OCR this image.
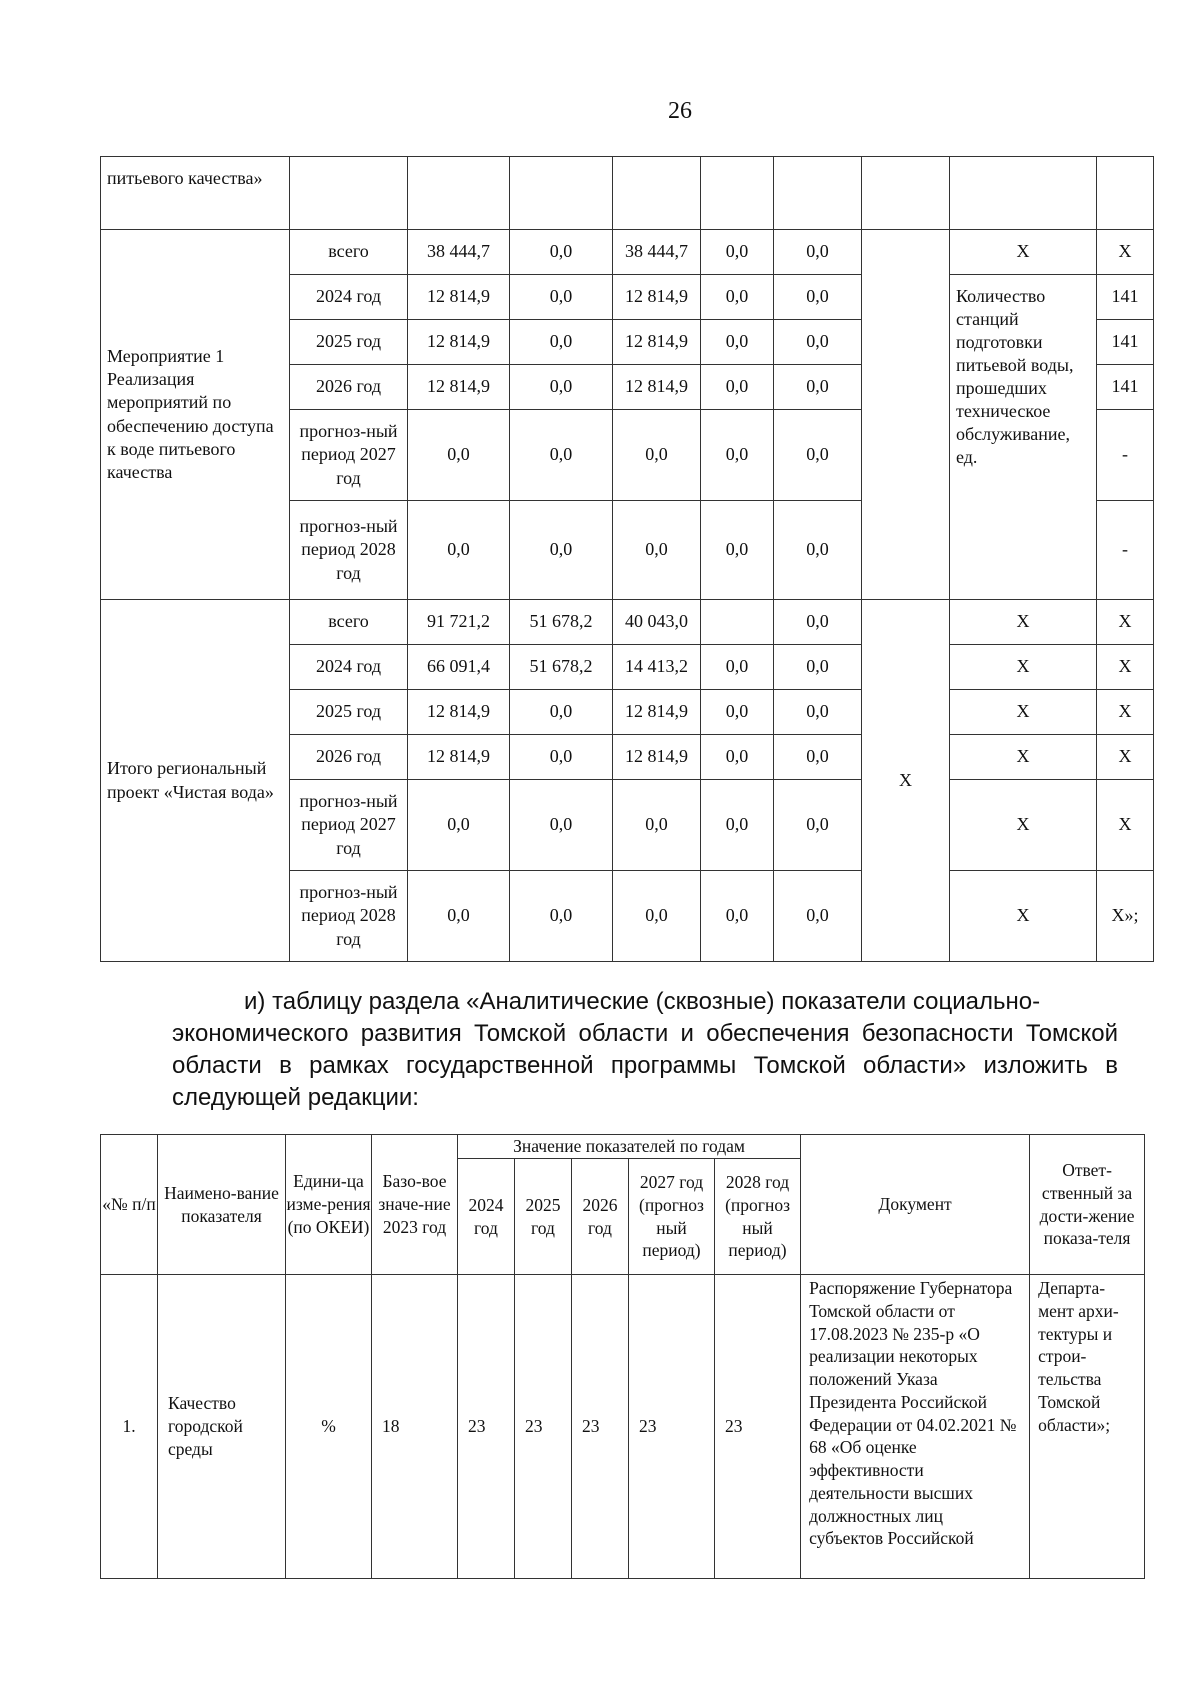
26
питьевого качества»									
Мероприятие 1 Реализация мероприятий по обеспечению доступа к воде питьевого качества	всего	38 444,7	0,0	38 444,7	0,0	0,0		X	X
	2024 год	12 814,9	0,0	12 814,9	0,0	0,0		Количество станций подготовки питьевой воды, прошедших техническое обслуживание, ед.	141
	2025 год	12 814,9	0,0	12 814,9	0,0	0,0			141
	2026 год	12 814,9	0,0	12 814,9	0,0	0,0			141
	прогноз-ный период 2027 год	0,0	0,0	0,0	0,0	0,0			-
	прогноз-ный период 2028 год	0,0	0,0	0,0	0,0	0,0			-
Итого региональный проект «Чистая вода»	всего	91 721,2	51 678,2	40 043,0		0,0	X	X	X
	2024 год	66 091,4	51 678,2	14 413,2	0,0	0,0		X	X
	2025 год	12 814,9	0,0	12 814,9	0,0	0,0		X	X
	2026 год	12 814,9	0,0	12 814,9	0,0	0,0		X	X
	прогноз-ный период 2027 год	0,0	0,0	0,0	0,0	0,0		X	X
	прогноз-ный период 2028 год	0,0	0,0	0,0	0,0	0,0		X	X»;
и) таблицу раздела «Аналитические (сквозные) показатели социально-
экономического развития Томской области и обеспечения безопасности Томской области в рамках государственной программы Томской области» изложить в следующей редакции:
«№ п/п	Наимено-вание показателя	Едини-ца изме-рения (по ОКЕИ)	Базо-вое значе-ние 2023 год	Значение показателей по годам					Документ	Ответ-ственный за дости-жение показа-теля
				2024 год	2025 год	2026 год	2027 год (прогноз ный период)	2028 год (прогноз ный период)		
1.	Качество городской среды	%	18	23	23	23	23	23	Распоряжение Губернатора Томской области от 17.08.2023 № 235-р «О реализации некоторых положений Указа Президента Российской Федерации от 04.02.2021 № 68 «Об оценке эффективности деятельности высших должностных лиц субъектов Российской	Департа-мент архи-тектуры и строи-тельства Томской области»;
